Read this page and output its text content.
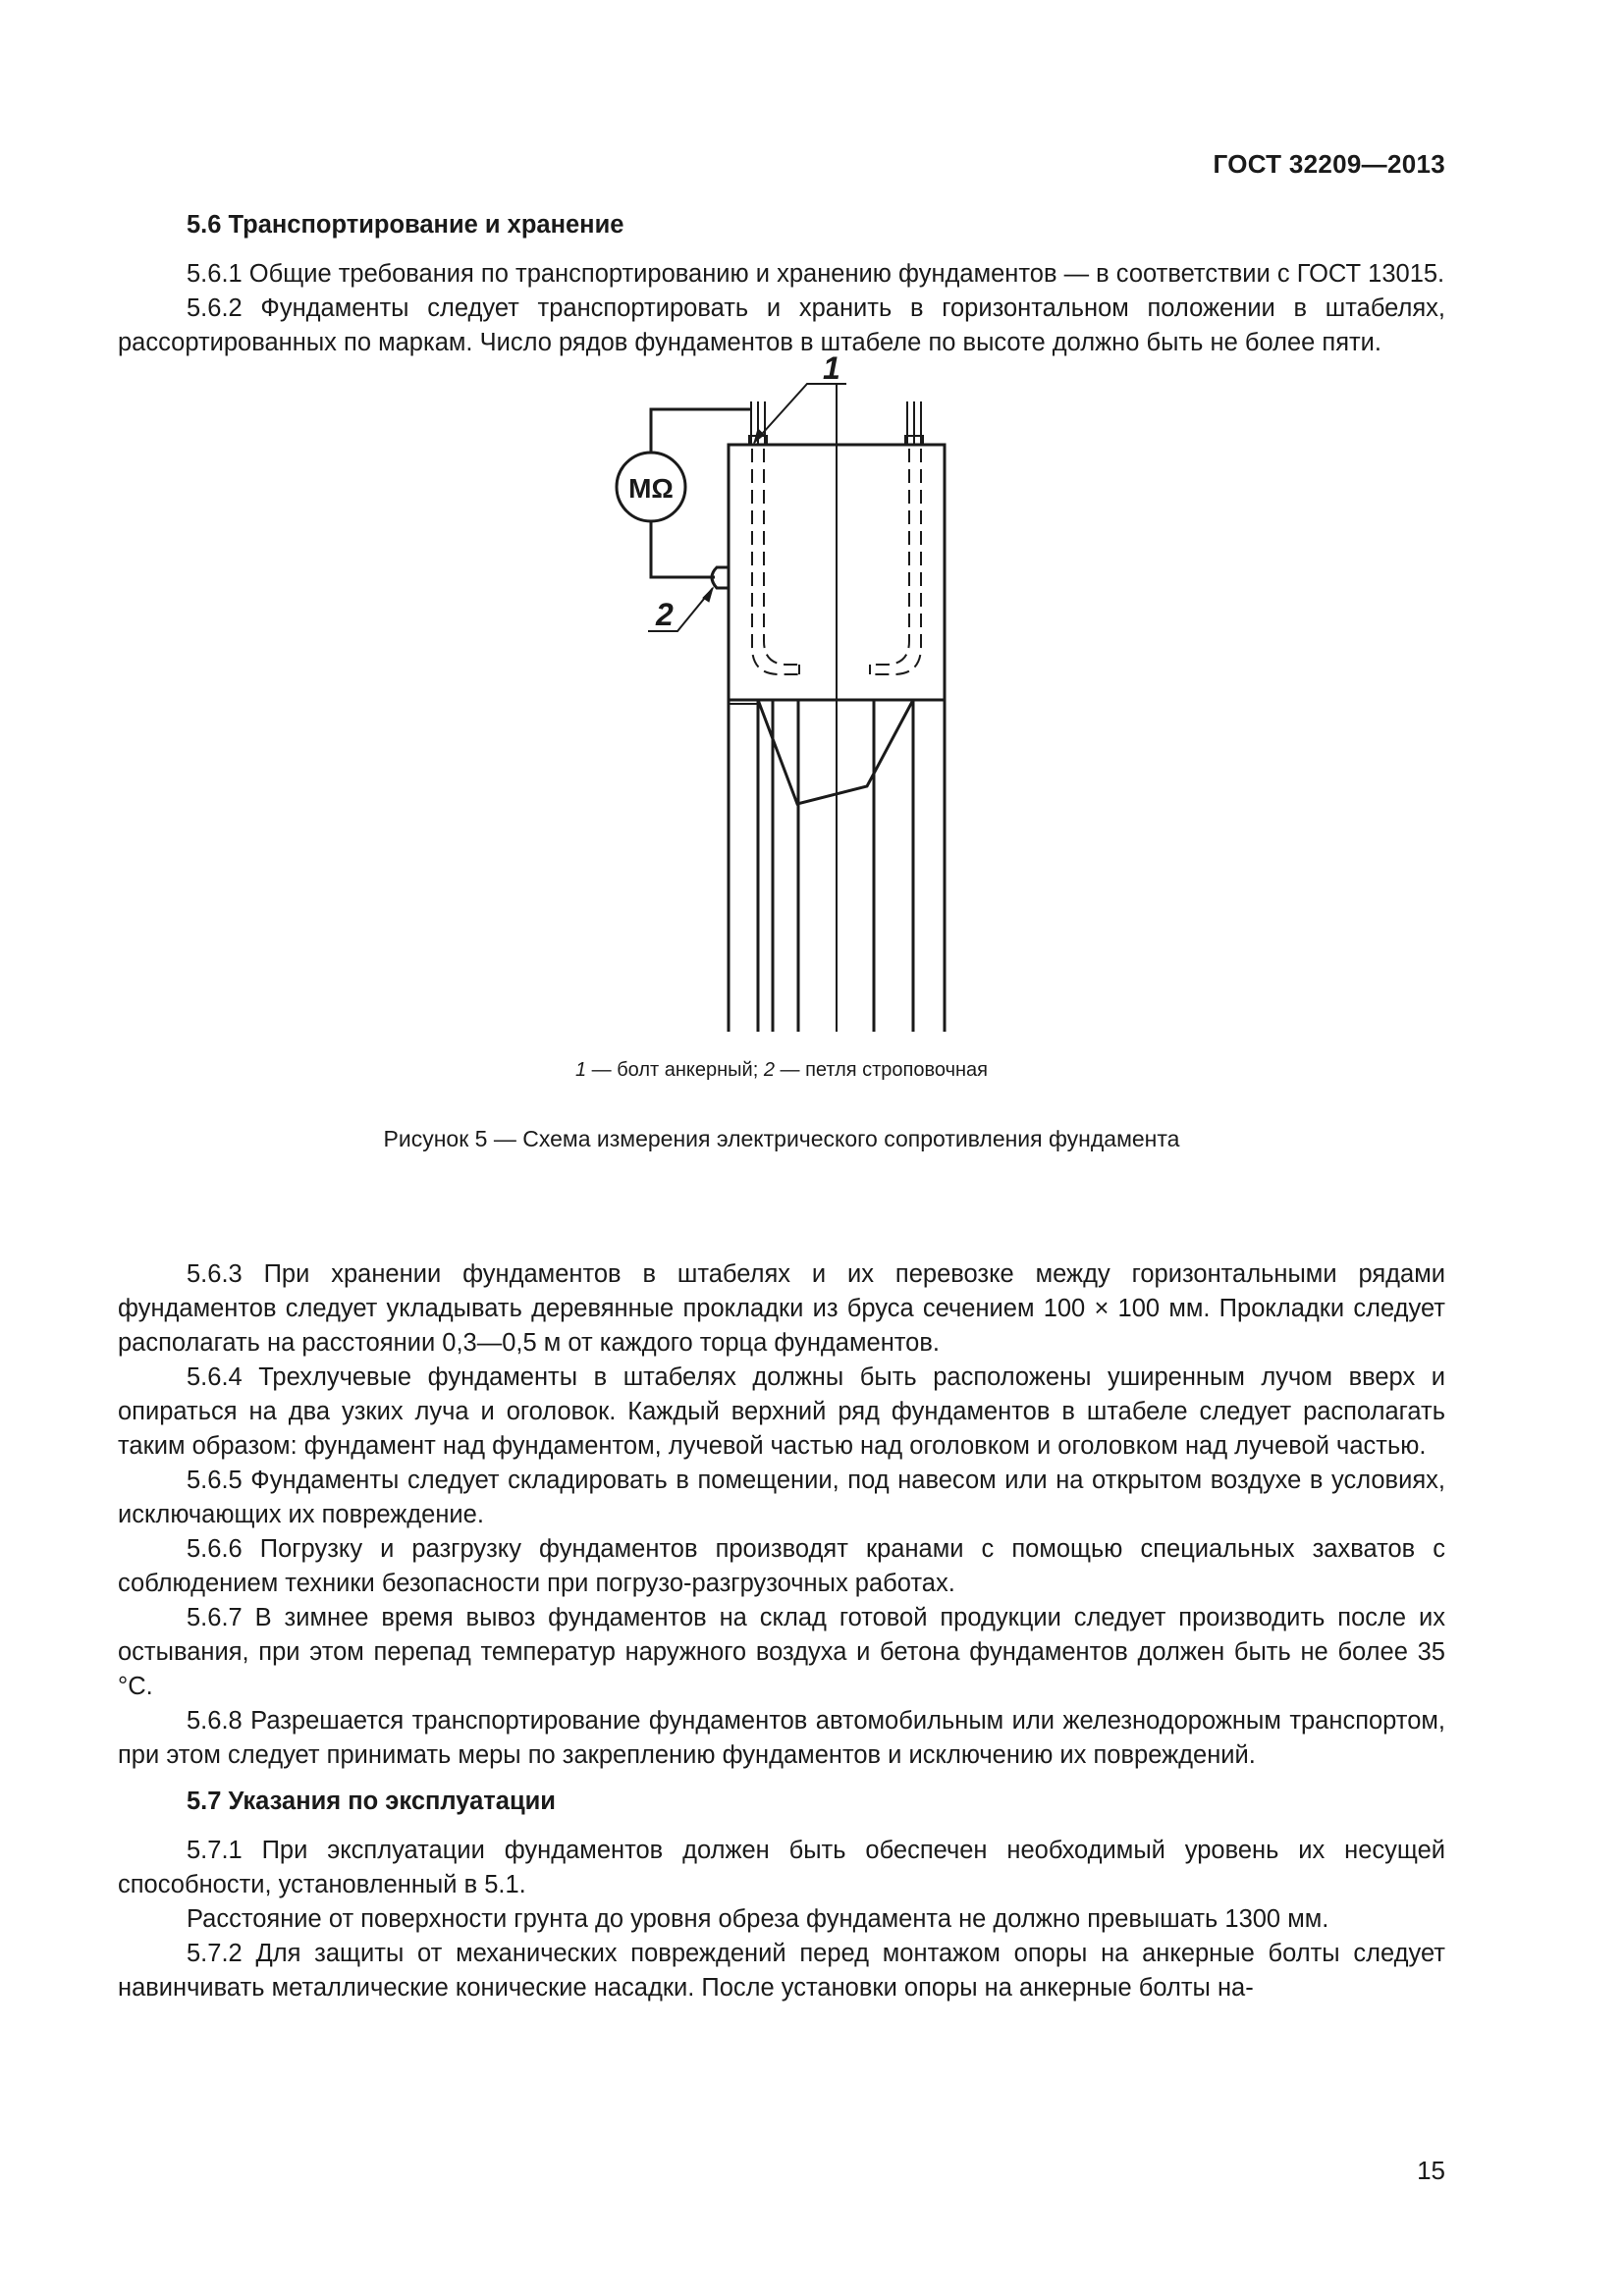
ГОСТ 32209—2013
5.6 Транспортирование и хранение
5.6.1 Общие требования по транспортированию и хранению фундаментов — в соответствии с ГОСТ 13015.
5.6.2 Фундаменты следует транспортировать и хранить в горизонтальном положении в штабелях, рассортированных по маркам. Число рядов фундаментов в штабеле по высоте должно быть не более пяти.
MΩ
1
2
1 — болт анкерный; 2 — петля строповочная
Рисунок 5 — Схема измерения электрического сопротивления фундамента
5.6.3 При хранении фундаментов в штабелях и их перевозке между горизонтальными рядами фундаментов следует укладывать деревянные прокладки из бруса сечением 100 × 100 мм. Прокладки следует располагать на расстоянии 0,3—0,5 м от каждого торца фундаментов.
5.6.4 Трехлучевые фундаменты в штабелях должны быть расположены уширенным лучом вверх и опираться на два узких луча и оголовок. Каждый верхний ряд фундаментов в штабеле следует располагать таким образом: фундамент над фундаментом, лучевой частью над оголовком и оголовком над лучевой частью.
5.6.5 Фундаменты следует складировать в помещении, под навесом или на открытом воздухе в условиях, исключающих их повреждение.
5.6.6 Погрузку и разгрузку фундаментов производят кранами с помощью специальных захватов с соблюдением техники безопасности при погрузо-разгрузочных работах.
5.6.7 В зимнее время вывоз фундаментов на склад готовой продукции следует производить после их остывания, при этом перепад температур наружного воздуха и бетона фундаментов должен быть не более 35 °C.
5.6.8 Разрешается транспортирование фундаментов автомобильным или железнодорожным транспортом, при этом следует принимать меры по закреплению фундаментов и исключению их повреждений.
5.7 Указания по эксплуатации
5.7.1 При эксплуатации фундаментов должен быть обеспечен необходимый уровень их несущей способности, установленный в 5.1.
Расстояние от поверхности грунта до уровня обреза фундамента не должно превышать 1300 мм.
5.7.2 Для защиты от механических повреждений перед монтажом опоры на анкерные болты следует навинчивать металлические конические насадки. После установки опоры на анкерные болты на-
15
